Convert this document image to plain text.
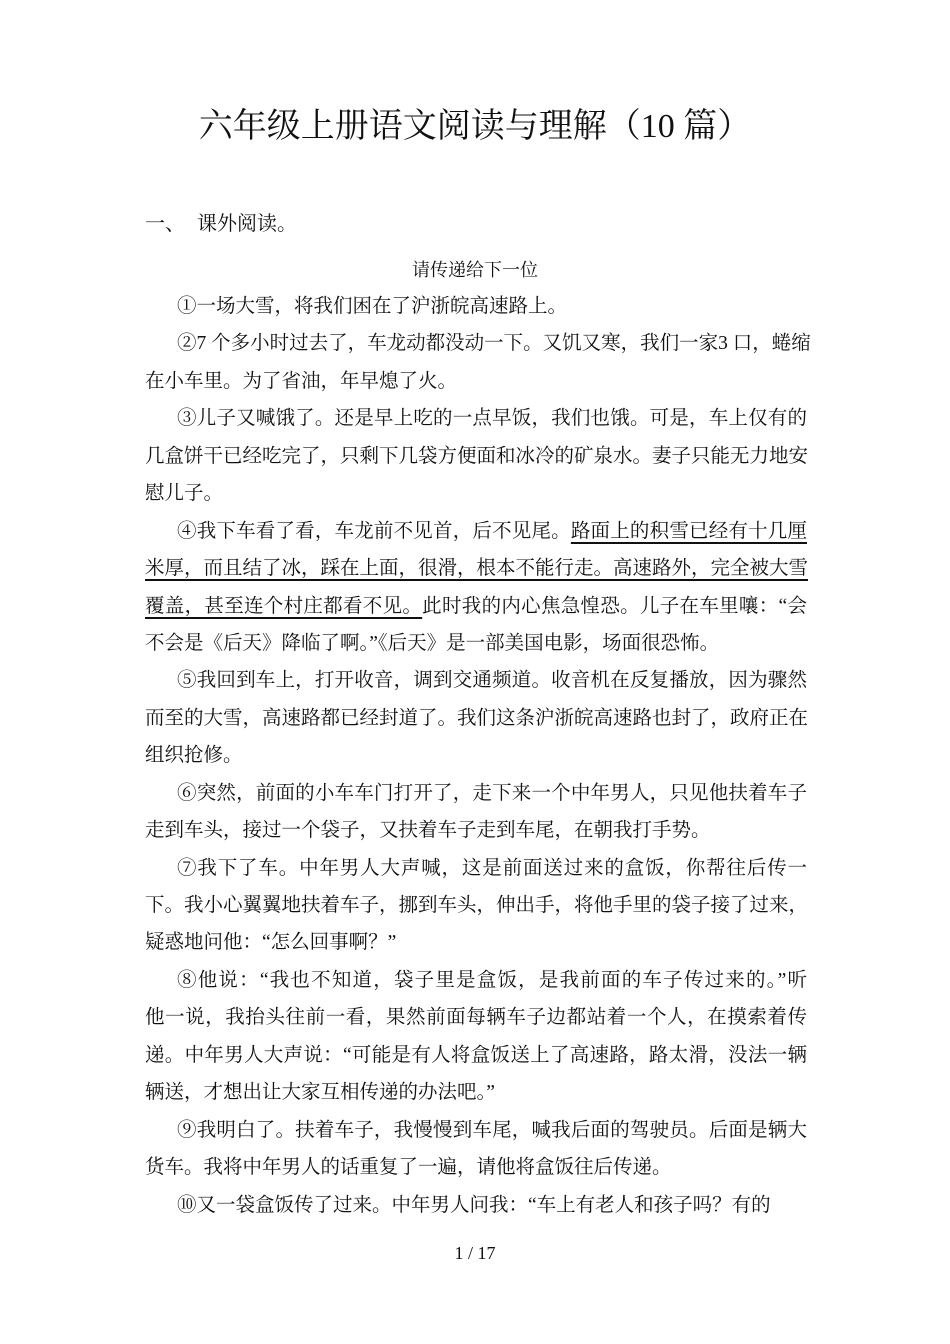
六年级上册语文阅读与理解（10 篇）
一、 课外阅读。
请传递给下一位
①一场大雪，将我们困在了沪浙皖高速路上。
②7 个多小时过去了，车龙动都没动一下。又饥又寒，我们一家3 口，蜷缩
在小车里。为了省油，年早熄了火。
③儿子又喊饿了。还是早上吃的一点早饭，我们也饿。可是，车上仅有的
几盒饼干已经吃完了，只剩下几袋方便面和冰冷的矿泉水。妻子只能无力地安
慰儿子。
④我下车看了看，车龙前不见首，后不见尾。路面上的积雪已经有十几厘
米厚，而且结了冰，踩在上面，很滑，根本不能行走。高速路外，完全被大雪
覆盖，甚至连个村庄都看不见。此时我的内心焦急惶恐。儿子在车里嚷：“会
不会是《后天》降临了啊。”《后天》是一部美国电影，场面很恐怖。
⑤我回到车上，打开收音，调到交通频道。收音机在反复播放，因为骤然
而至的大雪，高速路都已经封道了。我们这条沪浙皖高速路也封了，政府正在
组织抢修。
⑥突然，前面的小车车门打开了，走下来一个中年男人，只见他扶着车子
走到车头，接过一个袋子，又扶着车子走到车尾，在朝我打手势。
⑦我下了车。中年男人大声喊，这是前面送过来的盒饭，你帮往后传一
下。我小心翼翼地扶着车子，挪到车头，伸出手，将他手里的袋子接了过来，
疑惑地问他：“怎么回事啊？”
⑧他说：“我也不知道，袋子里是盒饭，是我前面的车子传过来的。”听
他一说，我抬头往前一看，果然前面每辆车子边都站着一个人，在摸索着传
递。中年男人大声说：“可能是有人将盒饭送上了高速路，路太滑，没法一辆
辆送，才想出让大家互相传递的办法吧。”
⑨我明白了。扶着车子，我慢慢到车尾，喊我后面的驾驶员。后面是辆大
货车。我将中年男人的话重复了一遍，请他将盒饭往后传递。
⑩又一袋盒饭传了过来。中年男人问我：“车上有老人和孩子吗？有的
1 / 17
